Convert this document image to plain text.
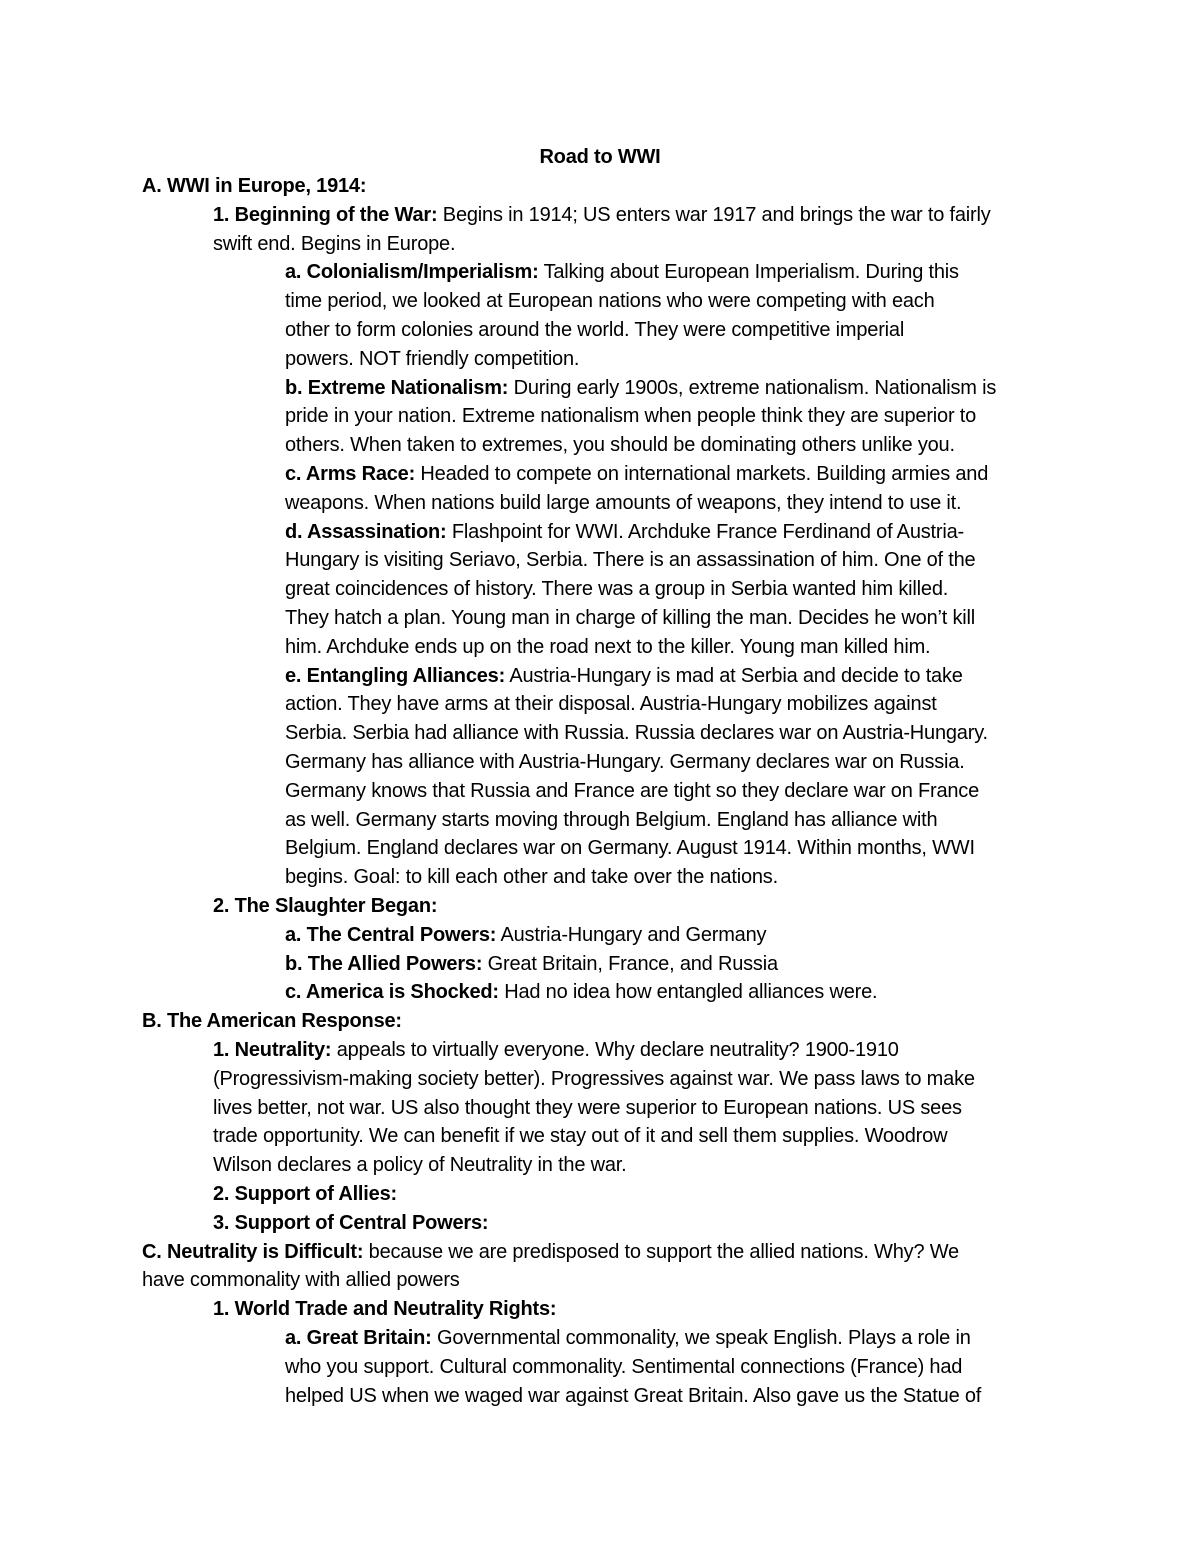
Road to WWI
A. WWI in Europe, 1914:
1. Beginning of the War: Begins in 1914; US enters war 1917 and brings the war to fairly
swift end. Begins in Europe.
a. Colonialism/Imperialism: Talking about European Imperialism. During this
time period, we looked at European nations who were competing with each
other to form colonies around the world. They were competitive imperial
powers. NOT friendly competition.
b. Extreme Nationalism: During early 1900s, extreme nationalism. Nationalism is
pride in your nation. Extreme nationalism when people think they are superior to
others. When taken to extremes, you should be dominating others unlike you.
c. Arms Race: Headed to compete on international markets. Building armies and
weapons. When nations build large amounts of weapons, they intend to use it.
d. Assassination: Flashpoint for WWI. Archduke France Ferdinand of Austria-
Hungary is visiting Seriavo, Serbia. There is an assassination of him. One of the
great coincidences of history. There was a group in Serbia wanted him killed.
They hatch a plan. Young man in charge of killing the man. Decides he won’t kill
him. Archduke ends up on the road next to the killer. Young man killed him.
e. Entangling Alliances: Austria-Hungary is mad at Serbia and decide to take
action. They have arms at their disposal. Austria-Hungary mobilizes against
Serbia. Serbia had alliance with Russia. Russia declares war on Austria-Hungary.
Germany has alliance with Austria-Hungary. Germany declares war on Russia.
Germany knows that Russia and France are tight so they declare war on France
as well. Germany starts moving through Belgium. England has alliance with
Belgium. England declares war on Germany. August 1914. Within months, WWI
begins. Goal: to kill each other and take over the nations.
2. The Slaughter Began:
a. The Central Powers: Austria-Hungary and Germany
b. The Allied Powers: Great Britain, France, and Russia
c. America is Shocked: Had no idea how entangled alliances were.
B. The American Response:
1. Neutrality: appeals to virtually everyone. Why declare neutrality? 1900-1910
(Progressivism-making society better). Progressives against war. We pass laws to make
lives better, not war. US also thought they were superior to European nations. US sees
trade opportunity. We can benefit if we stay out of it and sell them supplies. Woodrow
Wilson declares a policy of Neutrality in the war.
2. Support of Allies:
3. Support of Central Powers:
C. Neutrality is Difficult: because we are predisposed to support the allied nations. Why? We
have commonality with allied powers
1. World Trade and Neutrality Rights:
a. Great Britain: Governmental commonality, we speak English. Plays a role in
who you support. Cultural commonality. Sentimental connections (France) had
helped US when we waged war against Great Britain. Also gave us the Statue of
